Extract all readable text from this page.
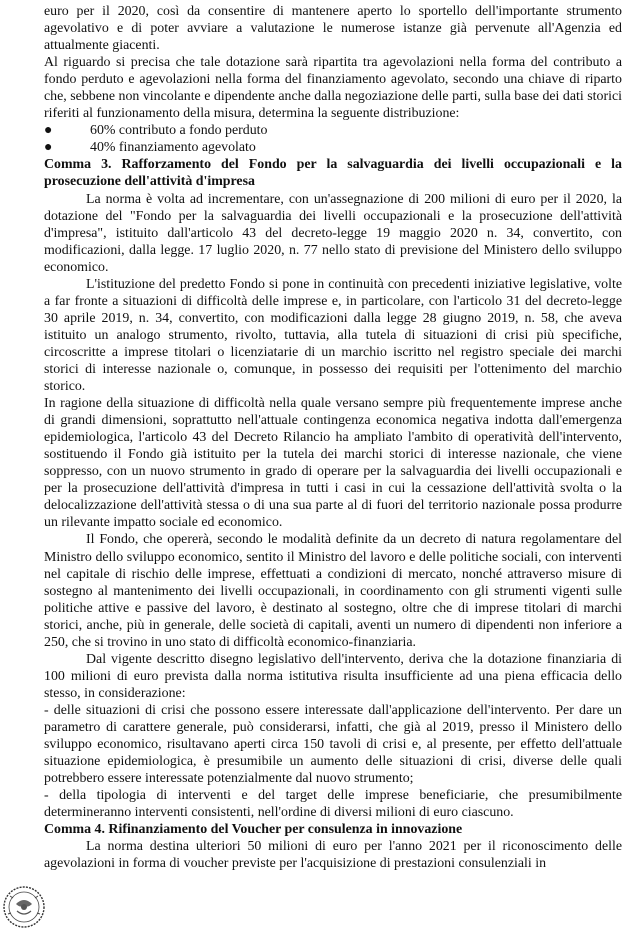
euro per il 2020, così da consentire di mantenere aperto lo sportello dell'importante strumento agevolativo e di poter avviare a valutazione le numerose istanze già pervenute all'Agenzia ed attualmente giacenti.

Al riguardo si precisa che tale dotazione sarà ripartita tra agevolazioni nella forma del contributo a fondo perduto e agevolazioni nella forma del finanziamento agevolato, secondo una chiave di riparto che, sebbene non vincolante e dipendente anche dalla negoziazione delle parti, sulla base dei dati storici riferiti al funzionamento della misura, determina la seguente distribuzione:

●	60% contributo a fondo perduto
●	40% finanziamento agevolato

Comma 3. Rafforzamento del Fondo per la salvaguardia dei livelli occupazionali e la prosecuzione dell'attività d'impresa

La norma è volta ad incrementare, con un'assegnazione di 200 milioni di euro per il 2020, la dotazione del "Fondo per la salvaguardia dei livelli occupazionali e la prosecuzione dell'attività d'impresa", istituito dall'articolo 43 del decreto-legge 19 maggio 2020 n. 34, convertito, con modificazioni, dalla legge. 17 luglio 2020, n. 77 nello stato di previsione del Ministero dello sviluppo economico.

L'istituzione del predetto Fondo si pone in continuità con precedenti iniziative legislative, volte a far fronte a situazioni di difficoltà delle imprese e, in particolare, con l'articolo 31 del decreto-legge 30 aprile 2019, n. 34, convertito, con modificazioni dalla legge 28 giugno 2019, n. 58, che aveva istituito un analogo strumento, rivolto, tuttavia, alla tutela di situazioni di crisi più specifiche, circoscritte a imprese titolari o licenziatarie di un marchio iscritto nel registro speciale dei marchi storici di interesse nazionale o, comunque, in possesso dei requisiti per l'ottenimento del marchio storico.

In ragione della situazione di difficoltà nella quale versano sempre più frequentemente imprese anche di grandi dimensioni, soprattutto nell'attuale contingenza economica negativa indotta dall'emergenza epidemiologica, l'articolo 43 del Decreto Rilancio ha ampliato l'ambito di operatività dell'intervento, sostituendo il Fondo già istituito per la tutela dei marchi storici di interesse nazionale, che viene soppresso, con un nuovo strumento in grado di operare per la salvaguardia dei livelli occupazionali e per la prosecuzione dell'attività d'impresa in tutti i casi in cui la cessazione dell'attività svolta o la delocalizzazione dell'attività stessa o di una sua parte al di fuori del territorio nazionale possa produrre un rilevante impatto sociale ed economico.

Il Fondo, che opererà, secondo le modalità definite da un decreto di natura regolamentare del Ministro dello sviluppo economico, sentito il Ministro del lavoro e delle politiche sociali, con interventi nel capitale di rischio delle imprese, effettuati a condizioni di mercato, nonché attraverso misure di sostegno al mantenimento dei livelli occupazionali, in coordinamento con gli strumenti vigenti sulle politiche attive e passive del lavoro, è destinato al sostegno, oltre che di imprese titolari di marchi storici, anche, più in generale, delle società di capitali, aventi un numero di dipendenti non inferiore a 250, che si trovino in uno stato di difficoltà economico-finanziaria.

Dal vigente descritto disegno legislativo dell'intervento, deriva che la dotazione finanziaria di 100 milioni di euro prevista dalla norma istitutiva risulta insufficiente ad una piena efficacia dello stesso, in considerazione:

- delle situazioni di crisi che possono essere interessate dall'applicazione dell'intervento. Per dare un parametro di carattere generale, può considerarsi, infatti, che già al 2019, presso il Ministero dello sviluppo economico, risultavano aperti circa 150 tavoli di crisi e, al presente, per effetto dell'attuale situazione epidemiologica, è presumibile un aumento delle situazioni di crisi, diverse delle quali potrebbero essere interessate potenzialmente dal nuovo strumento;

- della tipologia di interventi e del target delle imprese beneficiarie, che presumibilmente determineranno interventi consistenti, nell'ordine di diversi milioni di euro ciascuno.

Comma 4. Rifinanziamento del Voucher per consulenza in innovazione

La norma destina ulteriori 50 milioni di euro per l'anno 2021 per il riconoscimento delle agevolazioni in forma di voucher previste per l'acquisizione di prestazioni consulenziali in
